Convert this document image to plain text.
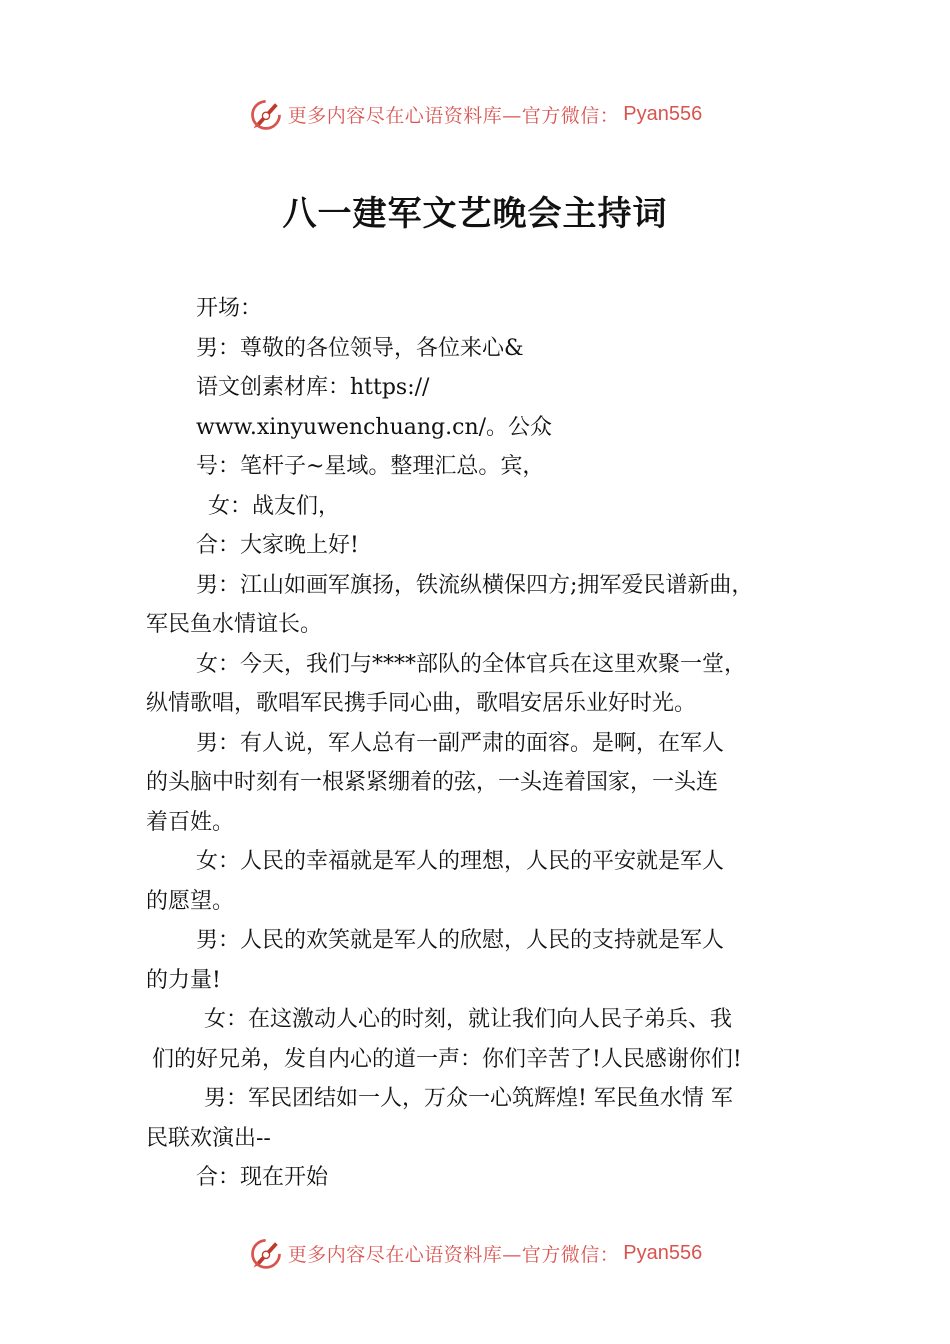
更多内容尽在心语资料库—官方微信： Pyan556
八一建军文艺晚会主持词
开场：
男：尊敬的各位领导，各位来心&
语文创素材库：https://
www.xinyuwenchuang.cn/。公众
号：笔杆子~星域。整理汇总。宾，
女：战友们，
合：大家晚上好!
男：江山如画军旗扬，铁流纵横保四方;拥军爱民谱新曲，
军民鱼水情谊长。
女：今天，我们与****部队的全体官兵在这里欢聚一堂，
纵情歌唱，歌唱军民携手同心曲，歌唱安居乐业好时光。
男：有人说，军人总有一副严肃的面容。是啊，在军人
的头脑中时刻有一根紧紧绷着的弦，一头连着国家，一头连
着百姓。
女：人民的幸福就是军人的理想，人民的平安就是军人
的愿望。
男：人民的欢笑就是军人的欣慰，人民的支持就是军人
的力量!
女：在这激动人心的时刻，就让我们向人民子弟兵、我
们的好兄弟，发自内心的道一声：你们辛苦了!人民感谢你们!
男：军民团结如一人，万众一心筑辉煌! 军民鱼水情 军
民联欢演出--
合：现在开始
更多内容尽在心语资料库—官方微信： Pyan556
